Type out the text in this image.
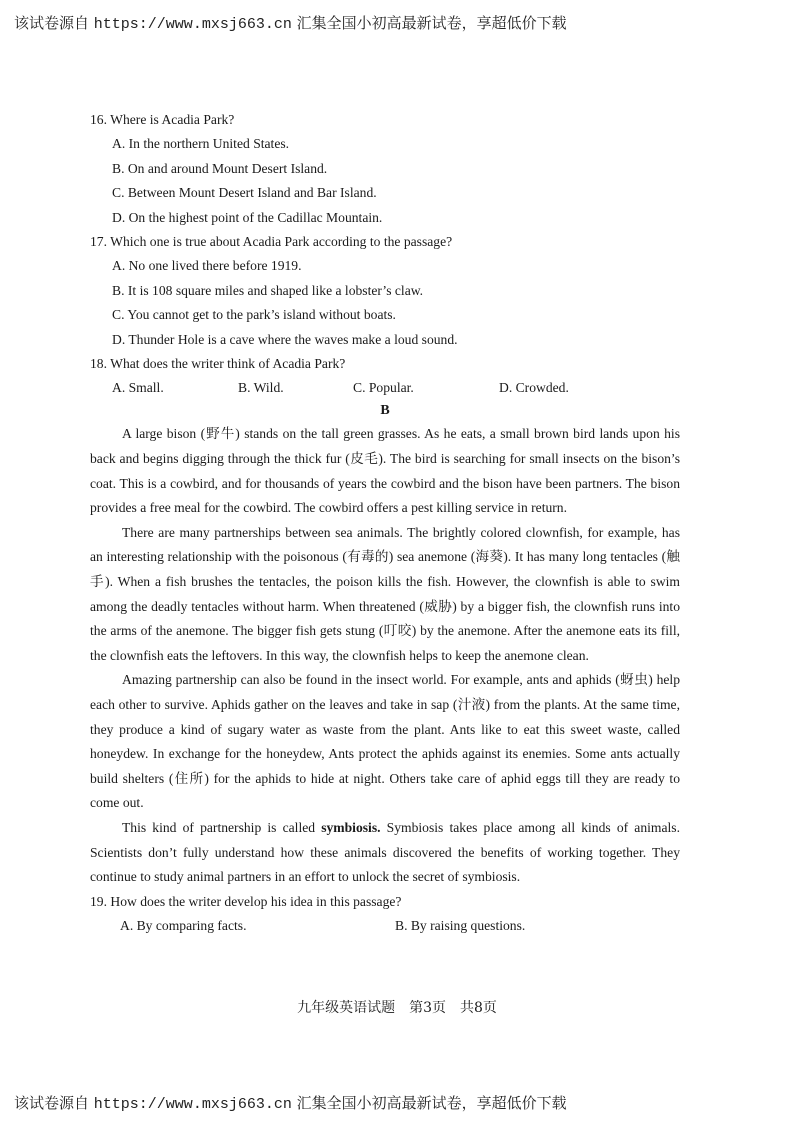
该试卷源自 https://www.mxsj663.cn 汇集全国小初高最新试卷，享超低价下载

16. Where is Acadia Park?

A. In the northern United States.

B. On and around Mount Desert Island.

C. Between Mount Desert Island and Bar Island.

D. On the highest point of the Cadillac Mountain.

17. Which one is true about Acadia Park according to the passage?

A. No one lived there before 1919.

B. It is 108 square miles and shaped like a lobster’s claw.

C. You cannot get to the park’s island without boats.

D. Thunder Hole is a cave where the waves make a loud sound.

18. What does the writer think of Acadia Park?

A. Small.	B. Wild.	C. Popular.	D. Crowded.

B

A large bison (野牛) stands on the tall green grasses. As he eats, a small brown bird lands upon his back and begins digging through the thick fur (皮毛). The bird is searching for small insects on the bison’s coat. This is a cowbird, and for thousands of years the cowbird and the bison have been partners. The bison provides a free meal for the cowbird. The cowbird offers a pest killing service in return.

There are many partnerships between sea animals. The brightly colored clownfish, for example, has an interesting relationship with the poisonous (有毒的) sea anemone (海葵). It has many long tentacles (触手). When a fish brushes the tentacles, the poison kills the fish. However, the clownfish is able to swim among the deadly tentacles without harm. When threatened (威胁) by a bigger fish, the clownfish runs into the arms of the anemone. The bigger fish gets stung (叮咬) by the anemone. After the anemone eats its fill, the clownfish eats the leftovers. In this way, the clownfish helps to keep the anemone clean.

Amazing partnership can also be found in the insect world. For example, ants and aphids (蚜虫) help each other to survive. Aphids gather on the leaves and take in sap (汁液) from the plants. At the same time, they produce a kind of sugary water as waste from the plant. Ants like to eat this sweet waste, called honeydew. In exchange for the honeydew, Ants protect the aphids against its enemies. Some ants actually build shelters (住所) for the aphids to hide at night. Others take care of aphid eggs till they are ready to come out.

This kind of partnership is called symbiosis. Symbiosis takes place among all kinds of animals. Scientists don’t fully understand how these animals discovered the benefits of working together. They continue to study animal partners in an effort to unlock the secret of symbiosis.

19. How does the writer develop his idea in this passage?

A. By comparing facts.	B. By raising questions.
九年级英语试题　第3页　共8页
该试卷源自 https://www.mxsj663.cn 汇集全国小初高最新试卷，享超低价下载
